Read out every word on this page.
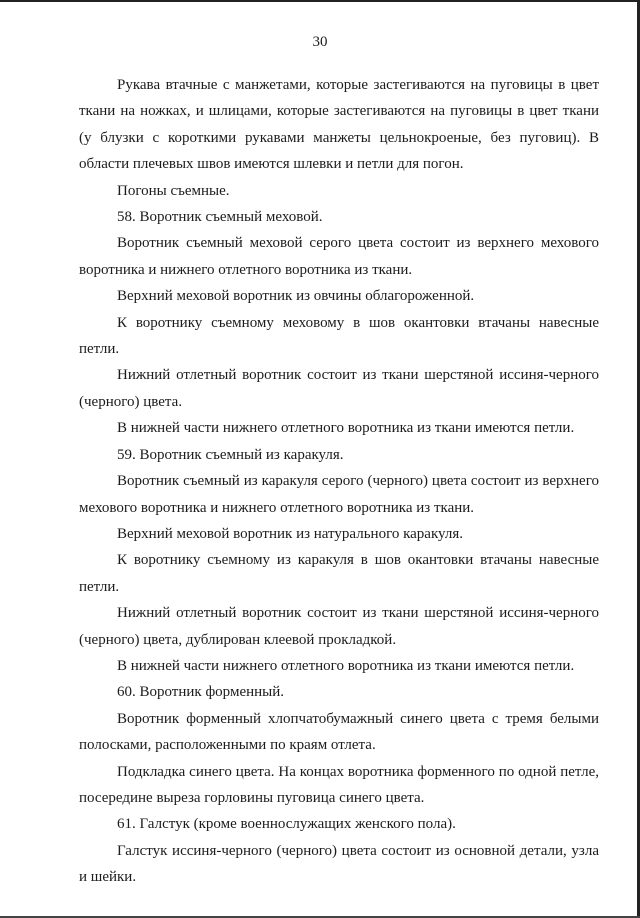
30

Рукава втачные с манжетами, которые застегиваются на пуговицы в цвет ткани на ножках, и шлицами, которые застегиваются на пуговицы в цвет ткани (у блузки с короткими рукавами манжеты цельнокроеные, без пуговиц). В области плечевых швов имеются шлевки и петли для погон.

Погоны съемные.

58. Воротник съемный меховой.

Воротник съемный меховой серого цвета состоит из верхнего мехового воротника и нижнего отлетного воротника из ткани.

Верхний меховой воротник из овчины облагороженной.

К воротнику съемному меховому в шов окантовки втачаны навесные петли.

Нижний отлетный воротник состоит из ткани шерстяной иссиня-черного (черного) цвета.

В нижней части нижнего отлетного воротника из ткани имеются петли.

59. Воротник съемный из каракуля.

Воротник съемный из каракуля серого (черного) цвета состоит из верхнего мехового воротника и нижнего отлетного воротника из ткани.

Верхний меховой воротник из натурального каракуля.

К воротнику съемному из каракуля в шов окантовки втачаны навесные петли.

Нижний отлетный воротник состоит из ткани шерстяной иссиня-черного (черного) цвета, дублирован клеевой прокладкой.

В нижней части нижнего отлетного воротника из ткани имеются петли.

60. Воротник форменный.

Воротник форменный хлопчатобумажный синего цвета с тремя белыми полосками, расположенными по краям отлета.

Подкладка синего цвета. На концах воротника форменного по одной петле, посередине выреза горловины пуговица синего цвета.

61. Галстук (кроме военнослужащих женского пола).

Галстук иссиня-черного (черного) цвета состоит из основной детали, узла и шейки.
